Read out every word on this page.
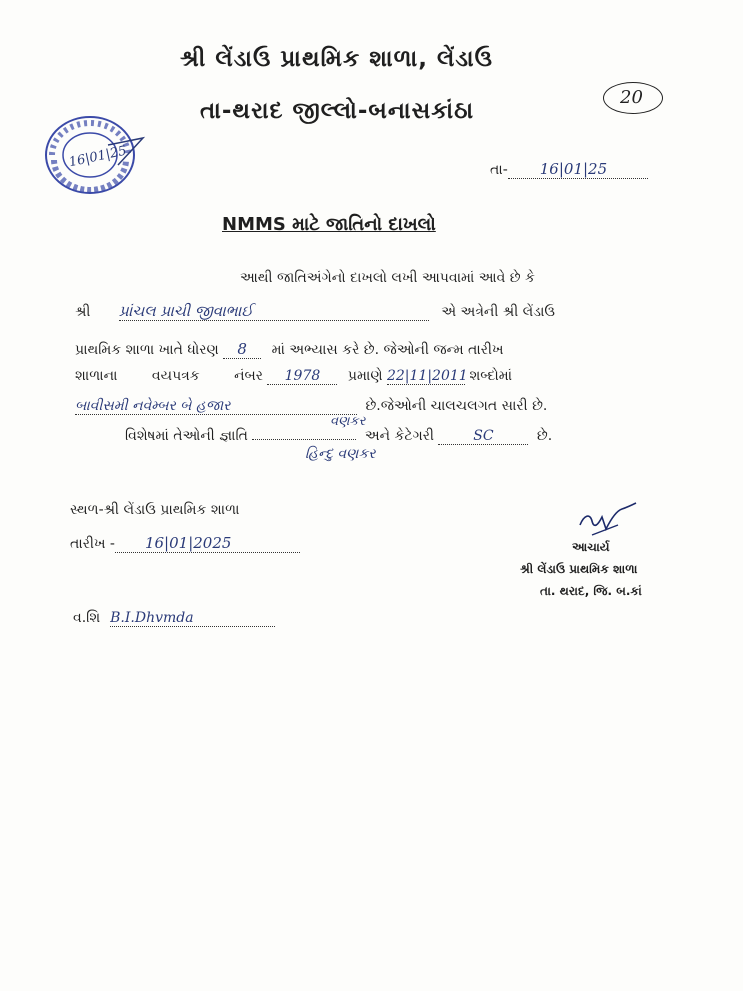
શ્રી લેંડાઉ પ્રાથમિક શાળા, લેંડાઉ
તા-થરાદ જીલ્લો-બનાસકાંઠા
20
16|01|25	તા- 16|01|25
NMMS માટે જાતિનો દાખલો
આથી જાતિઅંગેનો દાખલો લખી આપવામાં આવે છે કે
શ્રી પ્રાંચલ પ્રાચી જીવાભાઈ	એ અત્રેની શ્રી લેંડાઉ
પ્રાથમિક શાળા ખાતે ધોરણ 8 માં અભ્યાસ કરે છે. જેઓની જન્મ તારીખ
શાળાના વયપત્રક નંબર 1978 પ્રમાણે 22|11|2011 શબ્દોમાં
બાવીસમી નવેમ્બર બે હજાર	છે.જેઓની ચાલચલગત સારી છે.
વણકર
વિશેષમાં તેઓની જ્ઞાતિ	અને કેટેગરી	SC	છે.
હિન્દુ વણકર
સ્થળ-શ્રી લેંડાઉ પ્રાથમિક શાળા
તારીખ - 16|01|2025
વ.શિ B.I.Dhvmda
આચાર્ય
શ્રી લેંડાઉ પ્રાથમિક શાળા
તા. થરાદ, જિ. બ.કાં
